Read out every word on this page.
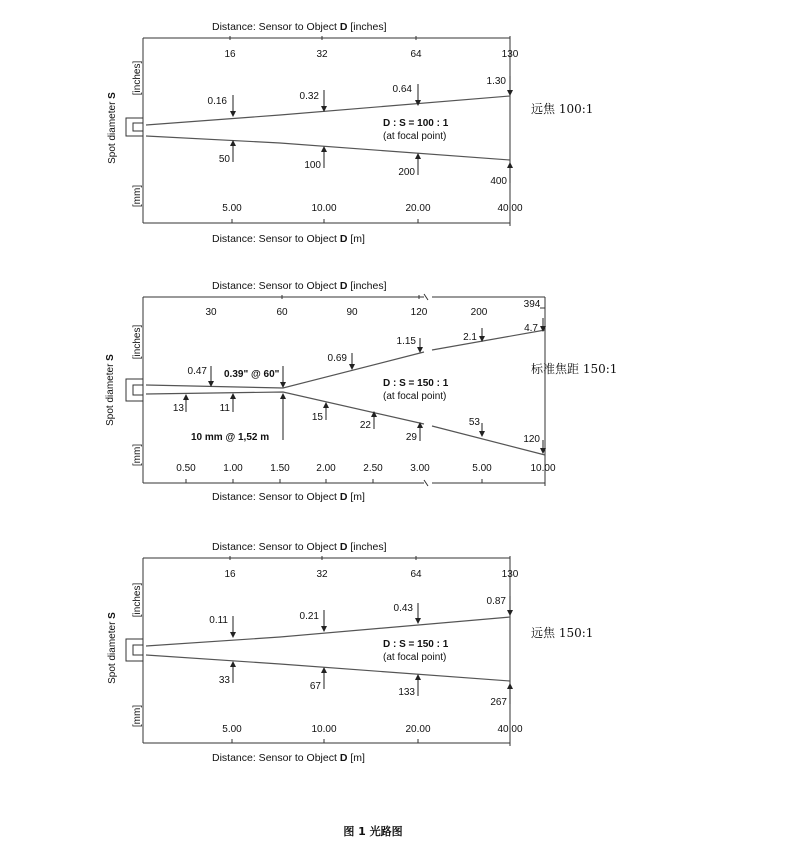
Distance: Sensor to Object D [inches]
16	32	64	130
Spot diameter S
[inches]
[mm]
0.16	0.32
0.64
1.30
50
100
200
400
D : S = 100 : 1
(at focal point)
5.00	10.00	20.00	40.00
Distance: Sensor to Object D [m]
远焦 100:1
Distance: Sensor to Object D [inches]
30	60	90	120	200
394
Spot diameter S [inches]
[mm]
0.47 0.39" @ 60"
0.69
1.15	2.1
4.7
13	11
15
22
29
53
120
10 mm @ 1,52 m
D : S = 150 : 1
(at focal point)
0.50	1.00	1.50	2.00	2.50	3.00	5.00	10.00
Distance: Sensor to Object D [m]
标准焦距 150:1
Distance: Sensor to Object D [inches]
16	32	64	130
Spot diameter S [inches]
[mm]
0.11	0.21
0.43
0.87
33
67
133
267
D : S = 150 : 1
(at focal point)
5.00	10.00	20.00	40.00
Distance: Sensor to Object D [m]
远焦 150:1
图 1 光路图
